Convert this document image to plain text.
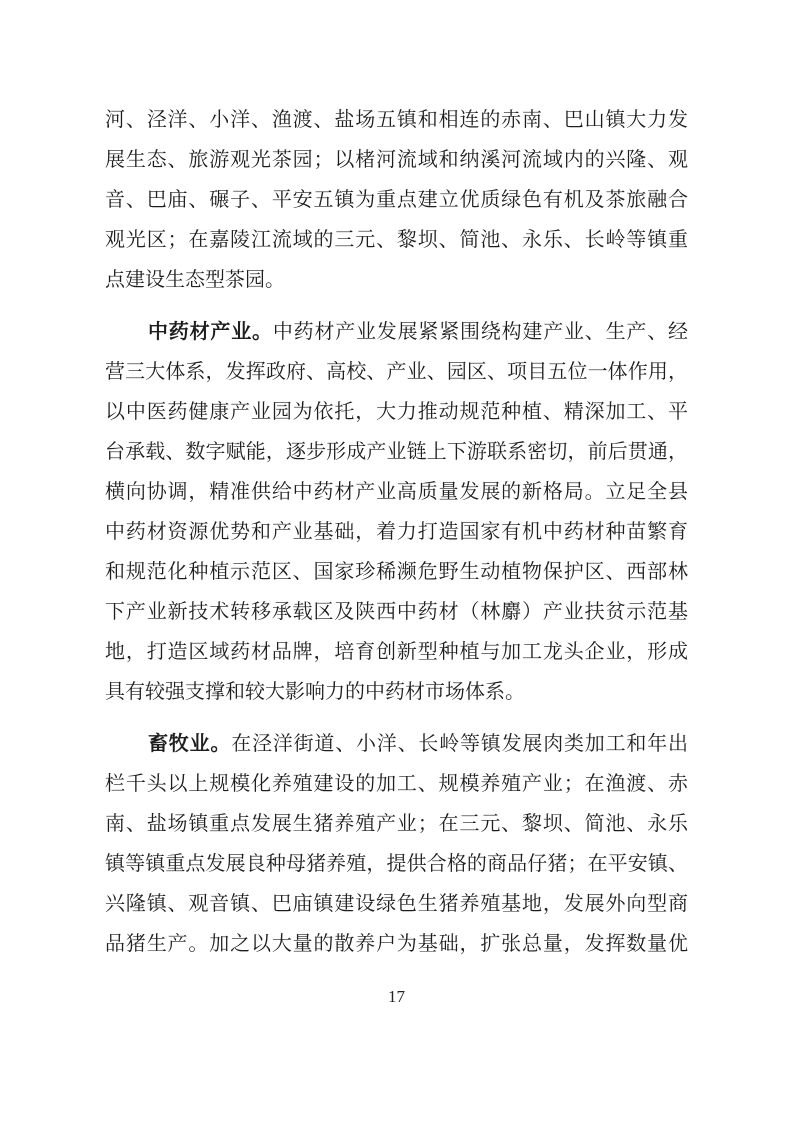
河、泾洋、小洋、渔渡、盐场五镇和相连的赤南、巴山镇大力发
展生态、旅游观光茶园；以楮河流域和纳溪河流域内的兴隆、观
音、巴庙、碾子、平安五镇为重点建立优质绿色有机及茶旅融合
观光区；在嘉陵江流域的三元、黎坝、简池、永乐、长岭等镇重
点建设生态型茶园。
中药材产业。中药材产业发展紧紧围绕构建产业、生产、经
营三大体系，发挥政府、高校、产业、园区、项目五位一体作用，
以中医药健康产业园为依托，大力推动规范种植、精深加工、平
台承载、数字赋能，逐步形成产业链上下游联系密切，前后贯通，
横向协调，精准供给中药材产业高质量发展的新格局。立足全县
中药材资源优势和产业基础，着力打造国家有机中药材种苗繁育
和规范化种植示范区、国家珍稀濒危野生动植物保护区、西部林
下产业新技术转移承载区及陕西中药材（林麝）产业扶贫示范基
地，打造区域药材品牌，培育创新型种植与加工龙头企业，形成
具有较强支撑和较大影响力的中药材市场体系。
畜牧业。在泾洋街道、小洋、长岭等镇发展肉类加工和年出
栏千头以上规模化养殖建设的加工、规模养殖产业；在渔渡、赤
南、盐场镇重点发展生猪养殖产业；在三元、黎坝、简池、永乐
镇等镇重点发展良种母猪养殖，提供合格的商品仔猪；在平安镇、
兴隆镇、观音镇、巴庙镇建设绿色生猪养殖基地，发展外向型商
品猪生产。加之以大量的散养户为基础，扩张总量，发挥数量优
17
